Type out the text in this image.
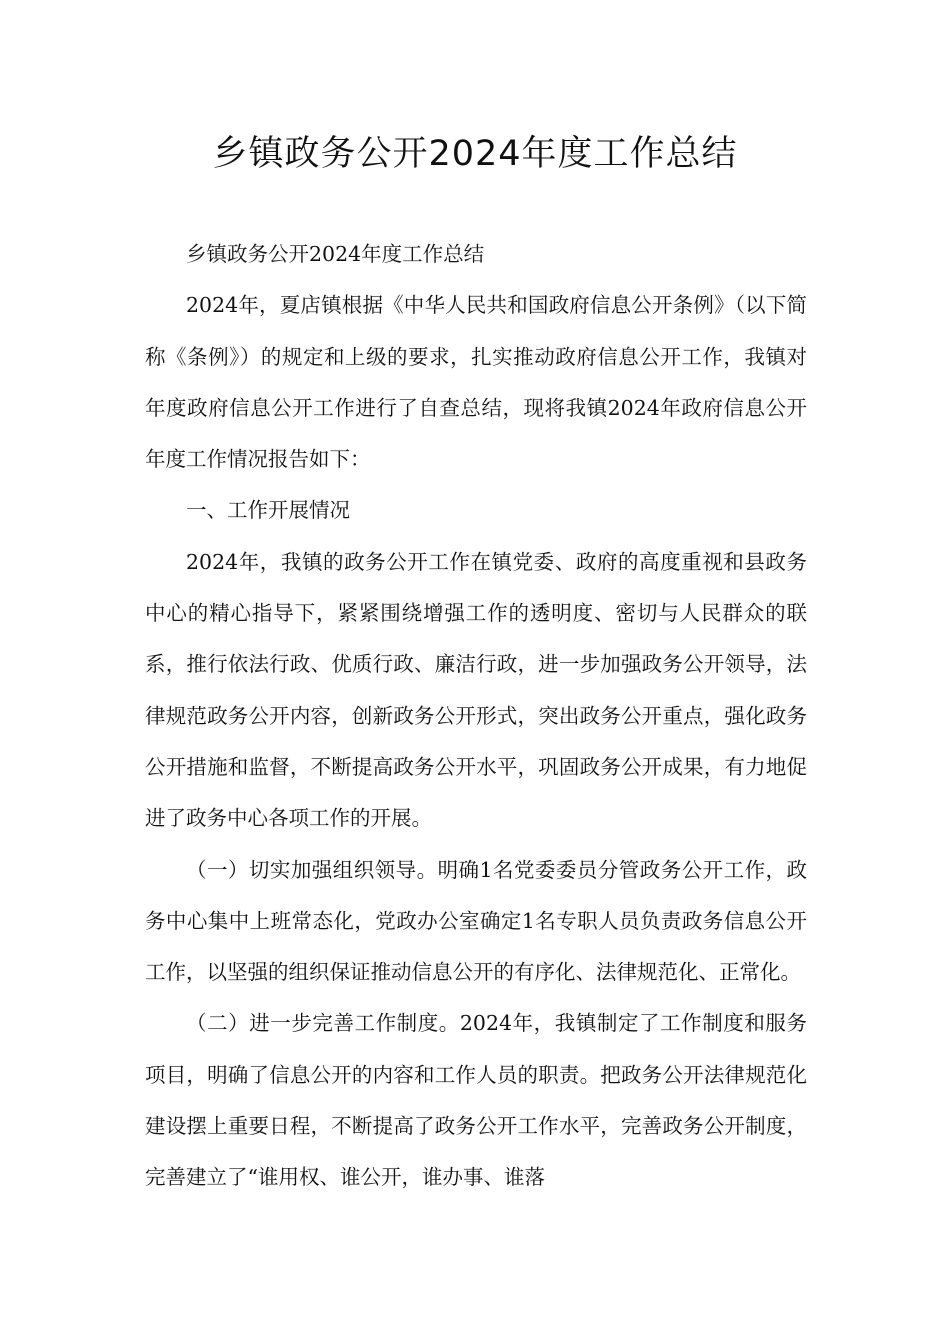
乡镇政务公开2024年度工作总结

乡镇政务公开2024年度工作总结

2024年，夏店镇根据《中华人民共和国政府信息公开条例》（以下简称《条例》）的规定和上级的要求，扎实推动政府信息公开工作，我镇对年度政府信息公开工作进行了自查总结，现将我镇2024年政府信息公开年度工作情况报告如下：

一、工作开展情况

2024年，我镇的政务公开工作在镇党委、政府的高度重视和县政务中心的精心指导下，紧紧围绕增强工作的透明度、密切与人民群众的联系，推行依法行政、优质行政、廉洁行政，进一步加强政务公开领导，法律规范政务公开内容，创新政务公开形式，突出政务公开重点，强化政务公开措施和监督，不断提高政务公开水平，巩固政务公开成果，有力地促进了政务中心各项工作的开展。

（一）切实加强组织领导。明确1名党委委员分管政务公开工作，政务中心集中上班常态化，党政办公室确定1名专职人员负责政务信息公开工作，以坚强的组织保证推动信息公开的有序化、法律规范化、正常化。

（二）进一步完善工作制度。2024年，我镇制定了工作制度和服务项目，明确了信息公开的内容和工作人员的职责。把政务公开法律规范化建设摆上重要日程，不断提高了政务公开工作水平，完善政务公开制度，完善建立了“谁用权、谁公开，谁办事、谁落
